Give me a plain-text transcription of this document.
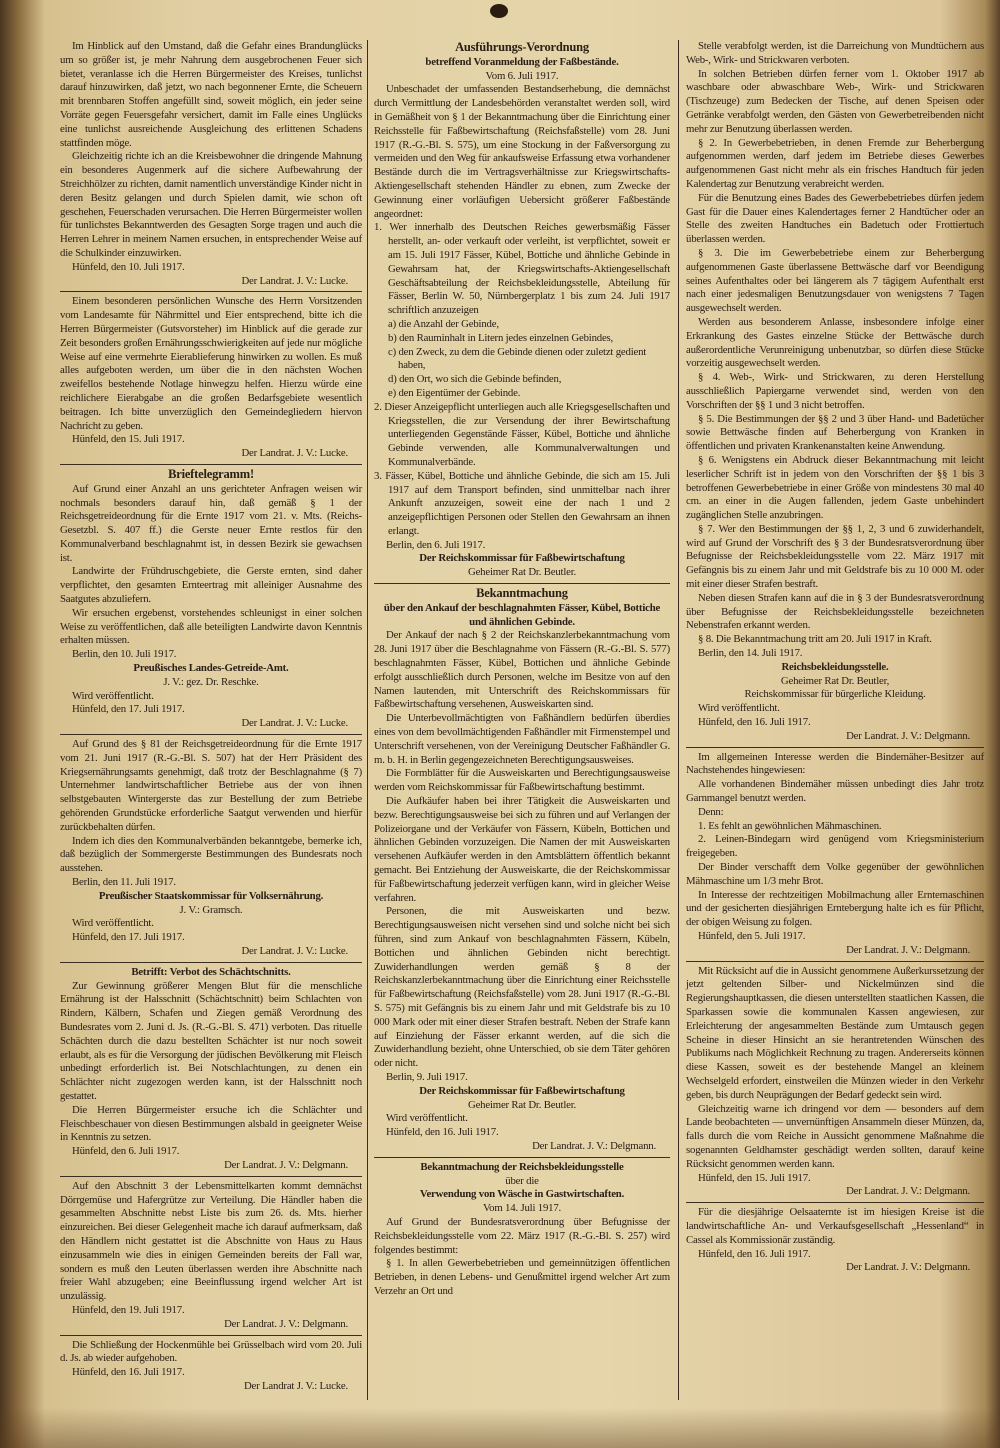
Im Hinblick auf den Umstand, daß die Gefahr eines Brandunglücks um so größer ist, je mehr Nahrung dem ausgebrochenen Feuer sich bietet, veranlasse ich die Herren Bürgermeister des Kreises, tunlichst darauf hinzuwirken, daß jetzt, wo nach begonnener Ernte, die Scheuern mit brennbaren Stoffen angefüllt sind, soweit möglich, ein jeder seine Vorräte gegen Feuersgefahr versichert, damit im Falle eines Unglücks eine tunlichst ausreichende Ausgleichung des erlittenen Schadens stattfinden möge.
Gleichzeitig richte ich an die Kreisbewohner die dringende Mahnung ein besonderes Augenmerk auf die sichere Aufbewahrung der Streichhölzer zu richten, damit namentlich unverständige Kinder nicht in deren Besitz gelangen und durch Spielen damit, wie schon oft geschehen, Feuerschaden verursachen. Die Herren Bürgermeister wollen für tunlichstes Bekanntwerden des Gesagten Sorge tragen und auch die Herren Lehrer in meinem Namen ersuchen, in entsprechender Weise auf die Schulkinder einzuwirken.
Hünfeld, den 10. Juli 1917.
Der Landrat. J. V.: Lucke.
Einem besonderen persönlichen Wunsche des Herrn Vorsitzenden vom Landesamte für Nährmittel und Eier entsprechend, bitte ich die Herren Bürgermeister (Gutsvorsteher) im Hinblick auf die gerade zur Zeit besonders großen Ernährungsschwierigkeiten auf jede nur mögliche Weise auf eine vermehrte Eierablieferung hinwirken zu wollen. Es muß alles aufgeboten werden, um über die in den nächsten Wochen zweifellos bestehende Notlage hinwegzu helfen. Hierzu würde eine reichlichere Eierabgabe an die großen Bedarfsgebiete wesentlich beitragen. Ich bitte unverzüglich den Gemeindegliedern hiervon Nachricht zu geben.
Hünfeld, den 15. Juli 1917.
Der Landrat. J. V.: Lucke.
Brieftelegramm!
Auf Grund einer Anzahl an uns gerichteter Anfragen weisen wir nochmals besonders darauf hin, daß gemäß § 1 der Reichsgetreideordnung für die Ernte 1917 vom 21. v. Mts. (Reichs-Gesetzbl. S. 407 ff.) die Gerste neuer Ernte restlos für den Kommunalverband beschlagnahmt ist, in dessen Bezirk sie gewachsen ist.
Landwirte der Frühdruschgebiete, die Gerste ernten, sind daher verpflichtet, den gesamten Ernteertrag mit alleiniger Ausnahme des Saatgutes abzuliefern.
Wir ersuchen ergebenst, vorstehendes schleunigst in einer solchen Weise zu veröffentlichen, daß alle beteiligten Landwirte davon Kenntnis erhalten müssen.
Berlin, den 10. Juli 1917.
Preußisches Landes-Getreide-Amt.
J. V.: gez. Dr. Reschke.
Wird veröffentlicht.
Hünfeld, den 17. Juli 1917.
Der Landrat. J. V.: Lucke.
Auf Grund des § 81 der Reichsgetreideordnung für die Ernte 1917 vom 21. Juni 1917 (R.-G.-Bl. S. 507) hat der Herr Präsident des Kriegsernährungsamts genehmigt, daß trotz der Beschlagnahme (§ 7) Unternehmer landwirtschaftlicher Betriebe aus der von ihnen selbstgebauten Wintergerste das zur Bestellung der zum Betriebe gehörenden Grundstücke erforderliche Saatgut verwenden und hierfür zurückbehalten dürfen.
Indem ich dies den Kommunalverbänden bekanntgebe, bemerke ich, daß bezüglich der Sommergerste Bestimmungen des Bundesrats noch ausstehen.
Berlin, den 11. Juli 1917.
Preußischer Staatskommissar für Volksernährung.
J. V.: Gramsch.
Wird veröffentlicht.
Hünfeld, den 17. Juli 1917.
Der Landrat. J. V.: Lucke.
Betrifft: Verbot des Schächtschnitts.
Zur Gewinnung größerer Mengen Blut für die menschliche Ernährung ist der Halsschnitt (Schächtschnitt) beim Schlachten von Rindern, Kälbern, Schafen und Ziegen gemäß Verordnung des Bundesrates vom 2. Juni d. Js. (R.-G.-Bl. S. 471) verboten. Das rituelle Schächten durch die dazu bestellten Schächter ist nur noch soweit erlaubt, als es für die Versorgung der jüdischen Bevölkerung mit Fleisch unbedingt erforderlich ist. Bei Notschlachtungen, zu denen ein Schlächter nicht zugezogen werden kann, ist der Halsschnitt noch gestattet.
Die Herren Bürgermeister ersuche ich die Schlächter und Fleischbeschauer von diesen Bestimmungen alsbald in geeigneter Weise in Kenntnis zu setzen.
Hünfeld, den 6. Juli 1917.
Der Landrat. J. V.: Delgmann.
Auf den Abschnitt 3 der Lebensmittelkarten kommt demnächst Dörrgemüse und Hafergrütze zur Verteilung. Die Händler haben die gesammelten Abschnitte nebst Liste bis zum 26. ds. Mts. hierher einzureichen. Bei dieser Gelegenheit mache ich darauf aufmerksam, daß den Händlern nicht gestattet ist die Abschnitte von Haus zu Haus einzusammeln wie dies in einigen Gemeinden bereits der Fall war, sondern es muß den Leuten überlassen werden ihre Abschnitte nach freier Wahl abzugeben; eine Beeinflussung irgend welcher Art ist unzulässig.
Hünfeld, den 19. Juli 1917.
Der Landrat. J. V.: Delgmann.
Die Schließung der Hockenmühle bei Grüsselbach wird vom 20. Juli d. Js. ab wieder aufgehoben.
Hünfeld, den 16. Juli 1917.
Der Landrat J. V.: Lucke.
Ausführungs-Verordnung
betreffend Voranmeldung der Faßbestände.
Vom 6. Juli 1917.
Unbeschadet der umfassenden Bestandserhebung, die demnächst durch Vermittlung der Landesbehörden veranstaltet werden soll, wird in Gemäßheit von § 1 der Bekanntmachung über die Einrichtung einer Reichsstelle für Faßbewirtschaftung (Reichsfaßstelle) vom 28. Juni 1917 (R.-G.-Bl. S. 575), um eine Stockung in der Faßversorgung zu vermeiden und den Weg für ankaufsweise Erfassung etwa vorhandener Bestände durch die im Vertragsverhältnisse zur Kriegswirtschafts-Aktiengesellschaft stehenden Händler zu ebnen, zum Zwecke der Gewinnung einer vorläufigen Uebersicht größerer Faßbestände angeordnet:
1. Wer innerhalb des Deutschen Reiches gewerbsmäßig Fässer herstellt, an- oder verkauft oder verleiht, ist verpflichtet, soweit er am 15. Juli 1917 Fässer, Kübel, Bottiche und ähnliche Gebinde in Gewahrsam hat, der Kriegswirtschafts-Aktiengesellschaft Geschäftsabteilung der Reichsbekleidungsstelle, Abteilung für Fässer, Berlin W. 50, Nürnbergerplatz 1 bis zum 24. Juli 1917 schriftlich anzuzeigen
a) die Anzahl der Gebinde,
b) den Rauminhalt in Litern jedes einzelnen Gebindes,
c) den Zweck, zu dem die Gebinde dienen oder zuletzt gedient haben,
d) den Ort, wo sich die Gebinde befinden,
e) den Eigentümer der Gebinde.
2. Dieser Anzeigepflicht unterliegen auch alle Kriegsgesellschaften und Kriegsstellen, die zur Versendung der ihrer Bewirtschaftung unterliegenden Gegenstände Fässer, Kübel, Bottiche und ähnliche Gebinde verwenden, alle Kommunalverwaltungen und Kommunalverbände.
3. Fässer, Kübel, Bottiche und ähnliche Gebinde, die sich am 15. Juli 1917 auf dem Transport befinden, sind unmittelbar nach ihrer Ankunft anzuzeigen, soweit eine der nach 1 und 2 anzeigepflichtigen Personen oder Stellen den Gewahrsam an ihnen erlangt.
Berlin, den 6. Juli 1917.
Der Reichskommissar für Faßbewirtschaftung
Geheimer Rat Dr. Beutler.
Bekanntmachung
über den Ankauf der beschlagnahmten Fässer, Kübel, Bottiche und ähnlichen Gebinde.
Der Ankauf der nach § 2 der Reichskanzlerbekanntmachung vom 28. Juni 1917 über die Beschlagnahme von Fässern (R.-G.-Bl. S. 577) beschlagnahmten Fässer, Kübel, Bottichen und ähnliche Gebinde erfolgt ausschließlich durch Personen, welche im Besitze von auf den Namen lautenden, mit Unterschrift des Reichskommissars für Faßbewirtschaftung versehenen, Ausweiskarten sind.
Die Unterbevollmächtigten von Faßhändlern bedürfen überdies eines von dem bevollmächtigenden Faßhändler mit Firmenstempel und Unterschrift versehenen, von der Vereinigung Deutscher Faßhändler G. m. b. H. in Berlin gegengezeichneten Berechtigungsausweises.
Die Formblätter für die Ausweiskarten und Berechtigungsausweise werden vom Reichskommissar für Faßbewirtschaftung bestimmt.
Die Aufkäufer haben bei ihrer Tätigkeit die Ausweiskarten und bezw. Berechtigungsausweise bei sich zu führen und auf Verlangen der Polizeiorgane und der Verkäufer von Fässern, Kübeln, Bottichen und ähnlichen Gebinden vorzuzeigen. Die Namen der mit Ausweiskarten versehenen Aufkäufer werden in den Amtsblättern öffentlich bekannt gemacht. Bei Entziehung der Ausweiskarte, die der Reichskommissar für Faßbewirtschaftung jederzeit verfügen kann, wird in gleicher Weise verfahren.
Personen, die mit Ausweiskarten und bezw. Berechtigungsausweisen nicht versehen sind und solche nicht bei sich führen, sind zum Ankauf von beschlagnahmten Fässern, Kübeln, Bottichen und ähnlichen Gebinden nicht berechtigt. Zuwiderhandlungen werden gemäß § 8 der Reichskanzlerbekanntmachung über die Einrichtung einer Reichsstelle für Faßbewirtschaftung (Reichsfaßstelle) vom 28. Juni 1917 (R.-G.-Bl. S. 575) mit Gefängnis bis zu einem Jahr und mit Geldstrafe bis zu 10 000 Mark oder mit einer dieser Strafen bestraft. Neben der Strafe kann auf Einziehung der Fässer erkannt werden, auf die sich die Zuwiderhandlung bezieht, ohne Unterschied, ob sie dem Täter gehören oder nicht.
Berlin, 9. Juli 1917.
Der Reichskommissar für Faßbewirtschaftung
Geheimer Rat Dr. Beutler.
Wird veröffentlicht.
Hünfeld, den 16. Juli 1917.
Der Landrat. J. V.: Delgmann.
Bekanntmachung der Reichsbekleidungsstelle
über die
Verwendung von Wäsche in Gastwirtschaften.
Vom 14. Juli 1917.
Auf Grund der Bundesratsverordnung über Befugnisse der Reichsbekleidungsstelle vom 22. März 1917 (R.-G.-Bl. S. 257) wird folgendes bestimmt:
§ 1. In allen Gewerbebetrieben und gemeinnützigen öffentlichen Betrieben, in denen Lebens- und Genußmittel irgend welcher Art zum Verzehr an Ort und
Stelle verabfolgt werden, ist die Darreichung von Mundtüchern aus Web-, Wirk- und Strickwaren verboten.
In solchen Betrieben dürfen ferner vom 1. Oktober 1917 ab waschbare oder abwaschbare Web-, Wirk- und Strickwaren (Tischzeuge) zum Bedecken der Tische, auf denen Speisen oder Getränke verabfolgt werden, den Gästen von Gewerbetreibenden nicht mehr zur Benutzung überlassen werden.
§ 2. In Gewerbebetrieben, in denen Fremde zur Beherbergung aufgenommen werden, darf jedem im Betriebe dieses Gewerbes aufgenommenen Gast nicht mehr als ein frisches Handtuch für jeden Kalendertag zur Benutzung verabreicht werden.
Für die Benutzung eines Bades des Gewerbebetriebes dürfen jedem Gast für die Dauer eines Kalendertages ferner 2 Handtücher oder an Stelle des zweiten Handtuches ein Badetuch oder Frottiertuch überlassen werden.
§ 3. Die im Gewerbebetriebe einem zur Beherbergung aufgenommenen Gaste überlassene Bettwäsche darf vor Beendigung seines Aufenthaltes oder bei längerem als 7 tägigem Aufenthalt erst nach einer jedesmaligen Benutzungsdauer von wenigstens 7 Tagen ausgewechselt werden.
Werden aus besonderem Anlasse, insbesondere infolge einer Erkrankung des Gastes einzelne Stücke der Bettwäsche durch außerordentliche Verunreinigung unbenutzbar, so dürfen diese Stücke vorzeitig ausgewechselt werden.
§ 4. Web-, Wirk- und Strickwaren, zu deren Herstellung ausschließlich Papiergarne verwendet sind, werden von den Vorschriften der §§ 1 und 3 nicht betroffen.
§ 5. Die Bestimmungen der §§ 2 und 3 über Hand- und Badetücher sowie Bettwäsche finden auf Beherbergung von Kranken in öffentlichen und privaten Krankenanstalten keine Anwendung.
§ 6. Wenigstens ein Abdruck dieser Bekanntmachung mit leicht leserlicher Schrift ist in jedem von den Vorschriften der §§ 1 bis 3 betroffenen Gewerbebetriebe in einer Größe von mindestens 30 mal 40 cm. an einer in die Augen fallenden, jedem Gaste unbehindert zugänglichen Stelle anzubringen.
§ 7. Wer den Bestimmungen der §§ 1, 2, 3 und 6 zuwiderhandelt, wird auf Grund der Vorschrift des § 3 der Bundesratsverordnung über Befugnisse der Reichsbekleidungsstelle vom 22. März 1917 mit Gefängnis bis zu einem Jahr und mit Geldstrafe bis zu 10 000 M. oder mit einer dieser Strafen bestraft.
Neben diesen Strafen kann auf die in § 3 der Bundesratsverordnung über Befugnisse der Reichsbekleidungsstelle bezeichneten Nebenstrafen erkannt werden.
§ 8. Die Bekanntmachung tritt am 20. Juli 1917 in Kraft.
Berlin, den 14. Juli 1917.
Reichsbekleidungsstelle.
Geheimer Rat Dr. Beutler,
Reichskommissar für bürgerliche Kleidung.
Wird veröffentlicht.
Hünfeld, den 16. Juli 1917.
Der Landrat. J. V.: Delgmann.
Im allgemeinen Interesse werden die Bindemäher-Besitzer auf Nachstehendes hingewiesen:
Alle vorhandenen Bindemäher müssen unbedingt dies Jahr trotz Garnmangel benutzt werden.
Denn:
1. Es fehlt an gewöhnlichen Mähmaschinen.
2. Leinen-Bindegarn wird genügend vom Kriegsministerium freigegeben.
Der Binder verschafft dem Volke gegenüber der gewöhnlichen Mähmaschine um 1/3 mehr Brot.
In Interesse der rechtzeitigen Mobilmachung aller Erntemaschinen und der gesicherten diesjährigen Erntebergung halte ich es für Pflicht, der obigen Weisung zu folgen.
Hünfeld, den 5. Juli 1917.
Der Landrat. J. V.: Delgmann.
Mit Rücksicht auf die in Aussicht genommene Außerkurssetzung der jetzt geltenden Silber- und Nickelmünzen sind die Regierungshauptkassen, die diesen unterstellten staatlichen Kassen, die Sparkassen sowie die kommunalen Kassen angewiesen, zur Erleichterung der angesammelten Bestände zum Umtausch gegen Scheine in dieser Hinsicht an sie herantretenden Wünschen des Publikums nach Möglichkeit Rechnung zu tragen. Andererseits können diese Kassen, soweit es der bestehende Mangel an kleinem Wechselgeld erfordert, einstweilen die Münzen wieder in den Verkehr geben, bis durch Neuprägungen der Bedarf gedeckt sein wird.
Gleichzeitig warne ich dringend vor dem — besonders auf dem Lande beobachteten — unvernünftigen Ansammeln dieser Münzen, da, falls durch die vom Reiche in Aussicht genommene Maßnahme die sogenannten Geldhamster geschädigt werden sollten, darauf keine Rücksicht genommen werden kann.
Hünfeld, den 15. Juli 1917.
Der Landrat. J. V.: Delgmann.
Für die diesjährige Oelsaaternte ist im hiesigen Kreise ist die landwirtschaftliche An- und Verkaufsgesellschaft „Hessenland“ in Cassel als Kommissionär zuständig.
Hünfeld, den 16. Juli 1917.
Der Landrat. J. V.: Delgmann.
